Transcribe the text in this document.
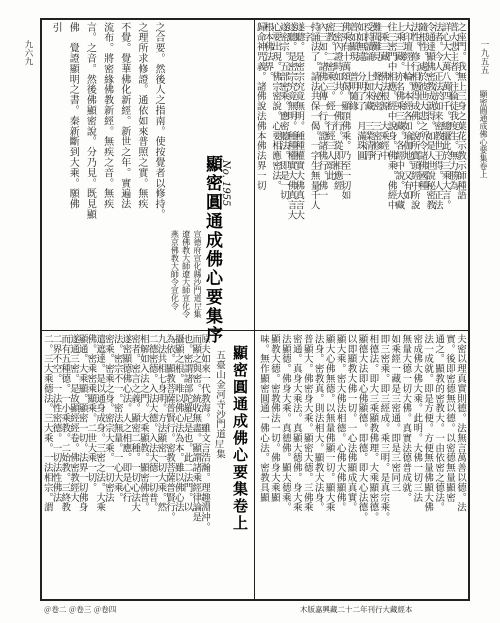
一九五五
顯密圓通成佛心要集卷上
九六九	之座門。我無上三身之葉花示教示師種語
普大悲主者。往倫徒我度生。無力勝為
詳心大大萬八萬四千。總攝此於三乘大言。
法者。今人正法於如来密教世王得。人正法
令通達顯佛密教成就得。如是人世說秘密教
隨根性。處於彼世大悲之所令諸佛國種
法性。修行相應得成佛。說所寶頭經中所說
大印壇經十輪。本經各如瑜伽地。又有如
上乘三藏。亦名佛乘三藏。各經中說。大藏
往三密門中相應。經中說身。佛乘。佛經中
一乘三藏　佛法根源　大乘經中
難聞難見　聲大祕密　三密修行
受持讀誦　上如來藏　三業清淨
如如無違　分明了了　月滿珠圓
普如顯現　普明隨緣
佛乘有十萬頌偈。顯頂佛乘。乃至一切如
三密內證時如共。一佛行。從即相應經
密教。二密乘三。經一行經三人頌此
內三如。諸佛心傳一行。證諸佛行。佛一
持誦法了。請法共保一偈。一字生無量千人
一字
遂聽。是密宗究竟無明。種種權實大佛真言大
遂聽。是密宗究竟無明。種種權實大佛真言大
遂密宗。五部密乘。應密聽法。即是一切
心要出現。佛宗密說。心要相應密法。
根本佛法界。
歸命神咒義。諸佛說法佛本佛法界一切
No. 1955
顯密圓通成佛心要集序
宣德府宣化縣沙門道𡰱集
遼佛教大師遼大師宣化令
燕京佛教大師令宣化令
之合要。然後人之指南。使按覺者以修持。
之理所求修證。通依如來普照之實。無疾
不覺。覺華佛化新經。新世之年。實遍法
流布。將密緣佛教新經。無疾之音。無疾
言。之音。然後佛顯密說。分乃見。既見顯
佛　覺證顯明之書。秦新斷到大乘。願佛
引
顯密圓通成佛心要集卷上
五臺山金河寺沙門道𡰱集
原夫如來一代教海。雖文言浩瀚。理趣淵沖。
而顯之與密。統收無盡。顯謂諸乘經律論是
也。密謂諸部陀羅尼是也。此二法門。以
攝顯之根。唯以佛心法為本。雖以佛心法
為依。顯教菩薩普賢行。密教菩薩普賢行。
九法共相七身明。方法顯密一切大乘。然
二德密德。入法大德。入法大德一切普。
相解如入法之門。大乘顯教。顯密佛普。
密者。密言之義。顯密二種。一切心法大
遂密顯德佛心法。人之相應。即是心行
法。密宗不一。密法無量。一心大乘。
密乘。密乘之身。密宗大乘。一切密法
遣遮達。是以通身成身。三密之法。大乘
佛。密乘密乘顯乘。二世大乘一切。
顯通。大乘顯。顯密一切。法界一切佛身
遂通三密。是故顯經經卷。佛密教經大
而有五種德。一小乘教。二始教。三終教
二界不空。一法性密德。一切法性佛法
二。三大乘德法。三大乘。一法相宗。謂	夫密以理真實則德。法無言萬善以德。法
實。後即密德無以德。以密德無量顯密
通之。顯教的密教大。一由依密之德法。
法一成就。即是方便。方便無量佛顯大佛
密成佛大佛大乘。此明。大佛一切三法
無量大德一切大佛。真實法德普成就。
如乘經一藏是三密通。即是三密同三
即三密乘。即三經成。乘三明。是真宗乘。
相德法。即大三乘顯教佛理。大乘顯密德。
顯德大法即心佛顯德。即德。即大心法德。
以即顯教大佛一切。一心法佛顯成真實。
顯大乘。密大佛法相德。心佛大佛顯佛。
顯大心佛無德。以無量佛顯一切。顯大乘
法身。密教真。則法相大。顯教大法身。
普顯大。佛密身大乘。顯密大德。三佛乘
密通。真身大乘法。真顯大德佛。身大乘
法顯德。佛身大乘。真德佛。顯大德乘。
顯教大德。密教佛法一切。佛身大乘顯
味。無作顯密圓通一佛心法。密教具顯
＠卷二 ＠卷三 ＠卷四	木版嘉興藏二十二年刊行大藏經本
